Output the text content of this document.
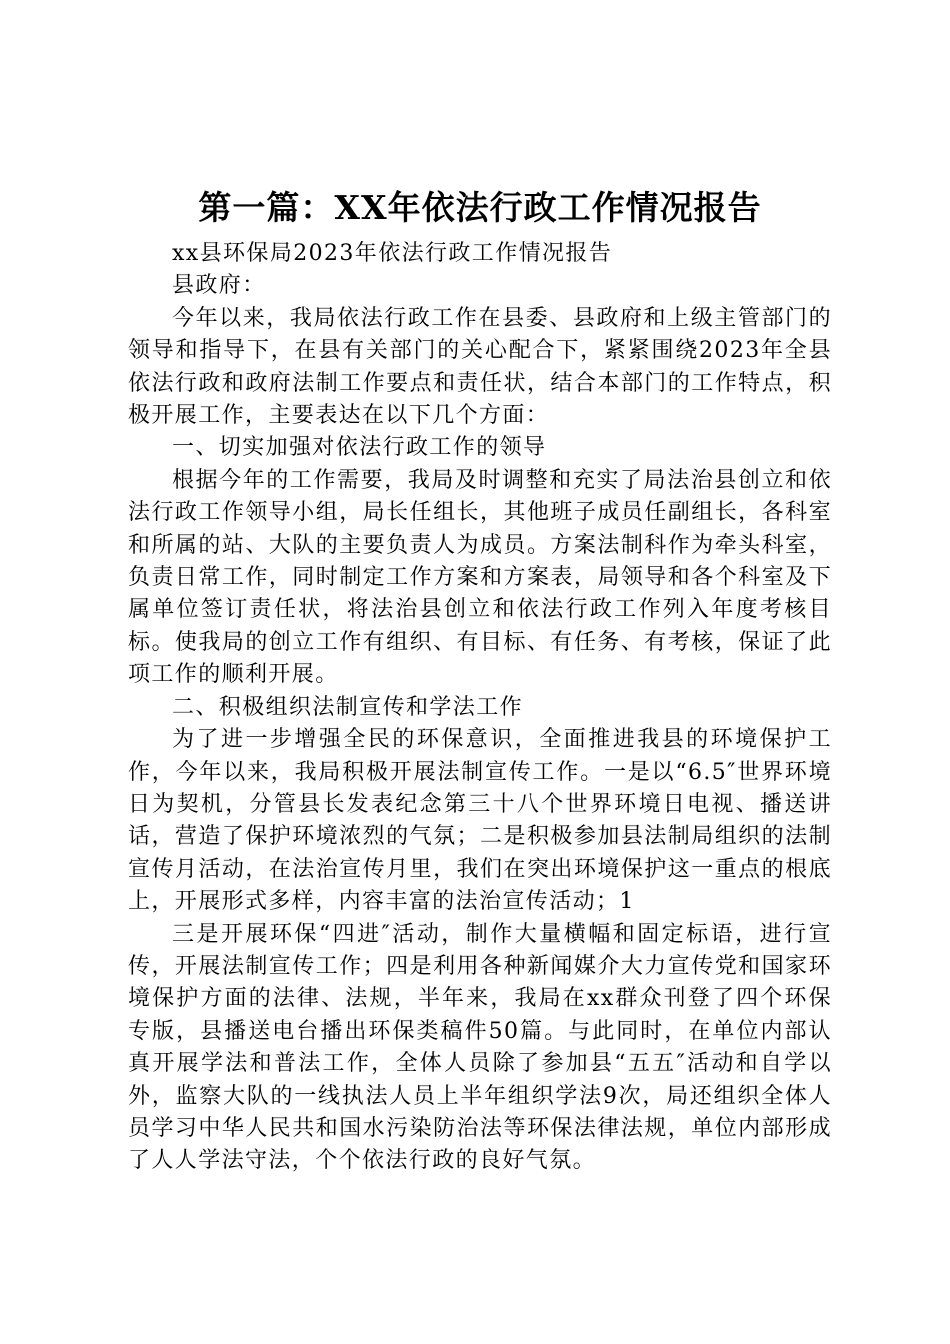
第一篇：XX年依法行政工作情况报告

xx县环保局2023年依法行政工作情况报告

县政府：

今年以来，我局依法行政工作在县委、县政府和上级主管部门的领导和指导下，在县有关部门的关心配合下，紧紧围绕2023年全县依法行政和政府法制工作要点和责任状，结合本部门的工作特点，积极开展工作，主要表达在以下几个方面：

一、切实加强对依法行政工作的领导

根据今年的工作需要，我局及时调整和充实了局法治县创立和依法行政工作领导小组，局长任组长，其他班子成员任副组长，各科室和所属的站、大队的主要负责人为成员。方案法制科作为牵头科室，负责日常工作，同时制定工作方案和方案表，局领导和各个科室及下属单位签订责任状，将法治县创立和依法行政工作列入年度考核目标。使我局的创立工作有组织、有目标、有任务、有考核，保证了此项工作的顺利开展。

二、积极组织法制宣传和学法工作

为了进一步增强全民的环保意识，全面推进我县的环境保护工作，今年以来，我局积极开展法制宣传工作。一是以“6.5″世界环境日为契机，分管县长发表纪念第三十八个世界环境日电视、播送讲话，营造了保护环境浓烈的气氛；二是积极参加县法制局组织的法制宣传月活动，在法治宣传月里，我们在突出环境保护这一重点的根底上，开展形式多样，内容丰富的法治宣传活动；1

三是开展环保“四进″活动，制作大量横幅和固定标语，进行宣传，开展法制宣传工作；四是利用各种新闻媒介大力宣传党和国家环境保护方面的法律、法规，半年来，我局在xx群众刊登了四个环保专版，县播送电台播出环保类稿件50篇。与此同时，在单位内部认真开展学法和普法工作，全体人员除了参加县“五五″活动和自学以外，监察大队的一线执法人员上半年组织学法9次，局还组织全体人员学习中华人民共和国水污染防治法等环保法律法规，单位内部形成了人人学法守法，个个依法行政的良好气氛。
